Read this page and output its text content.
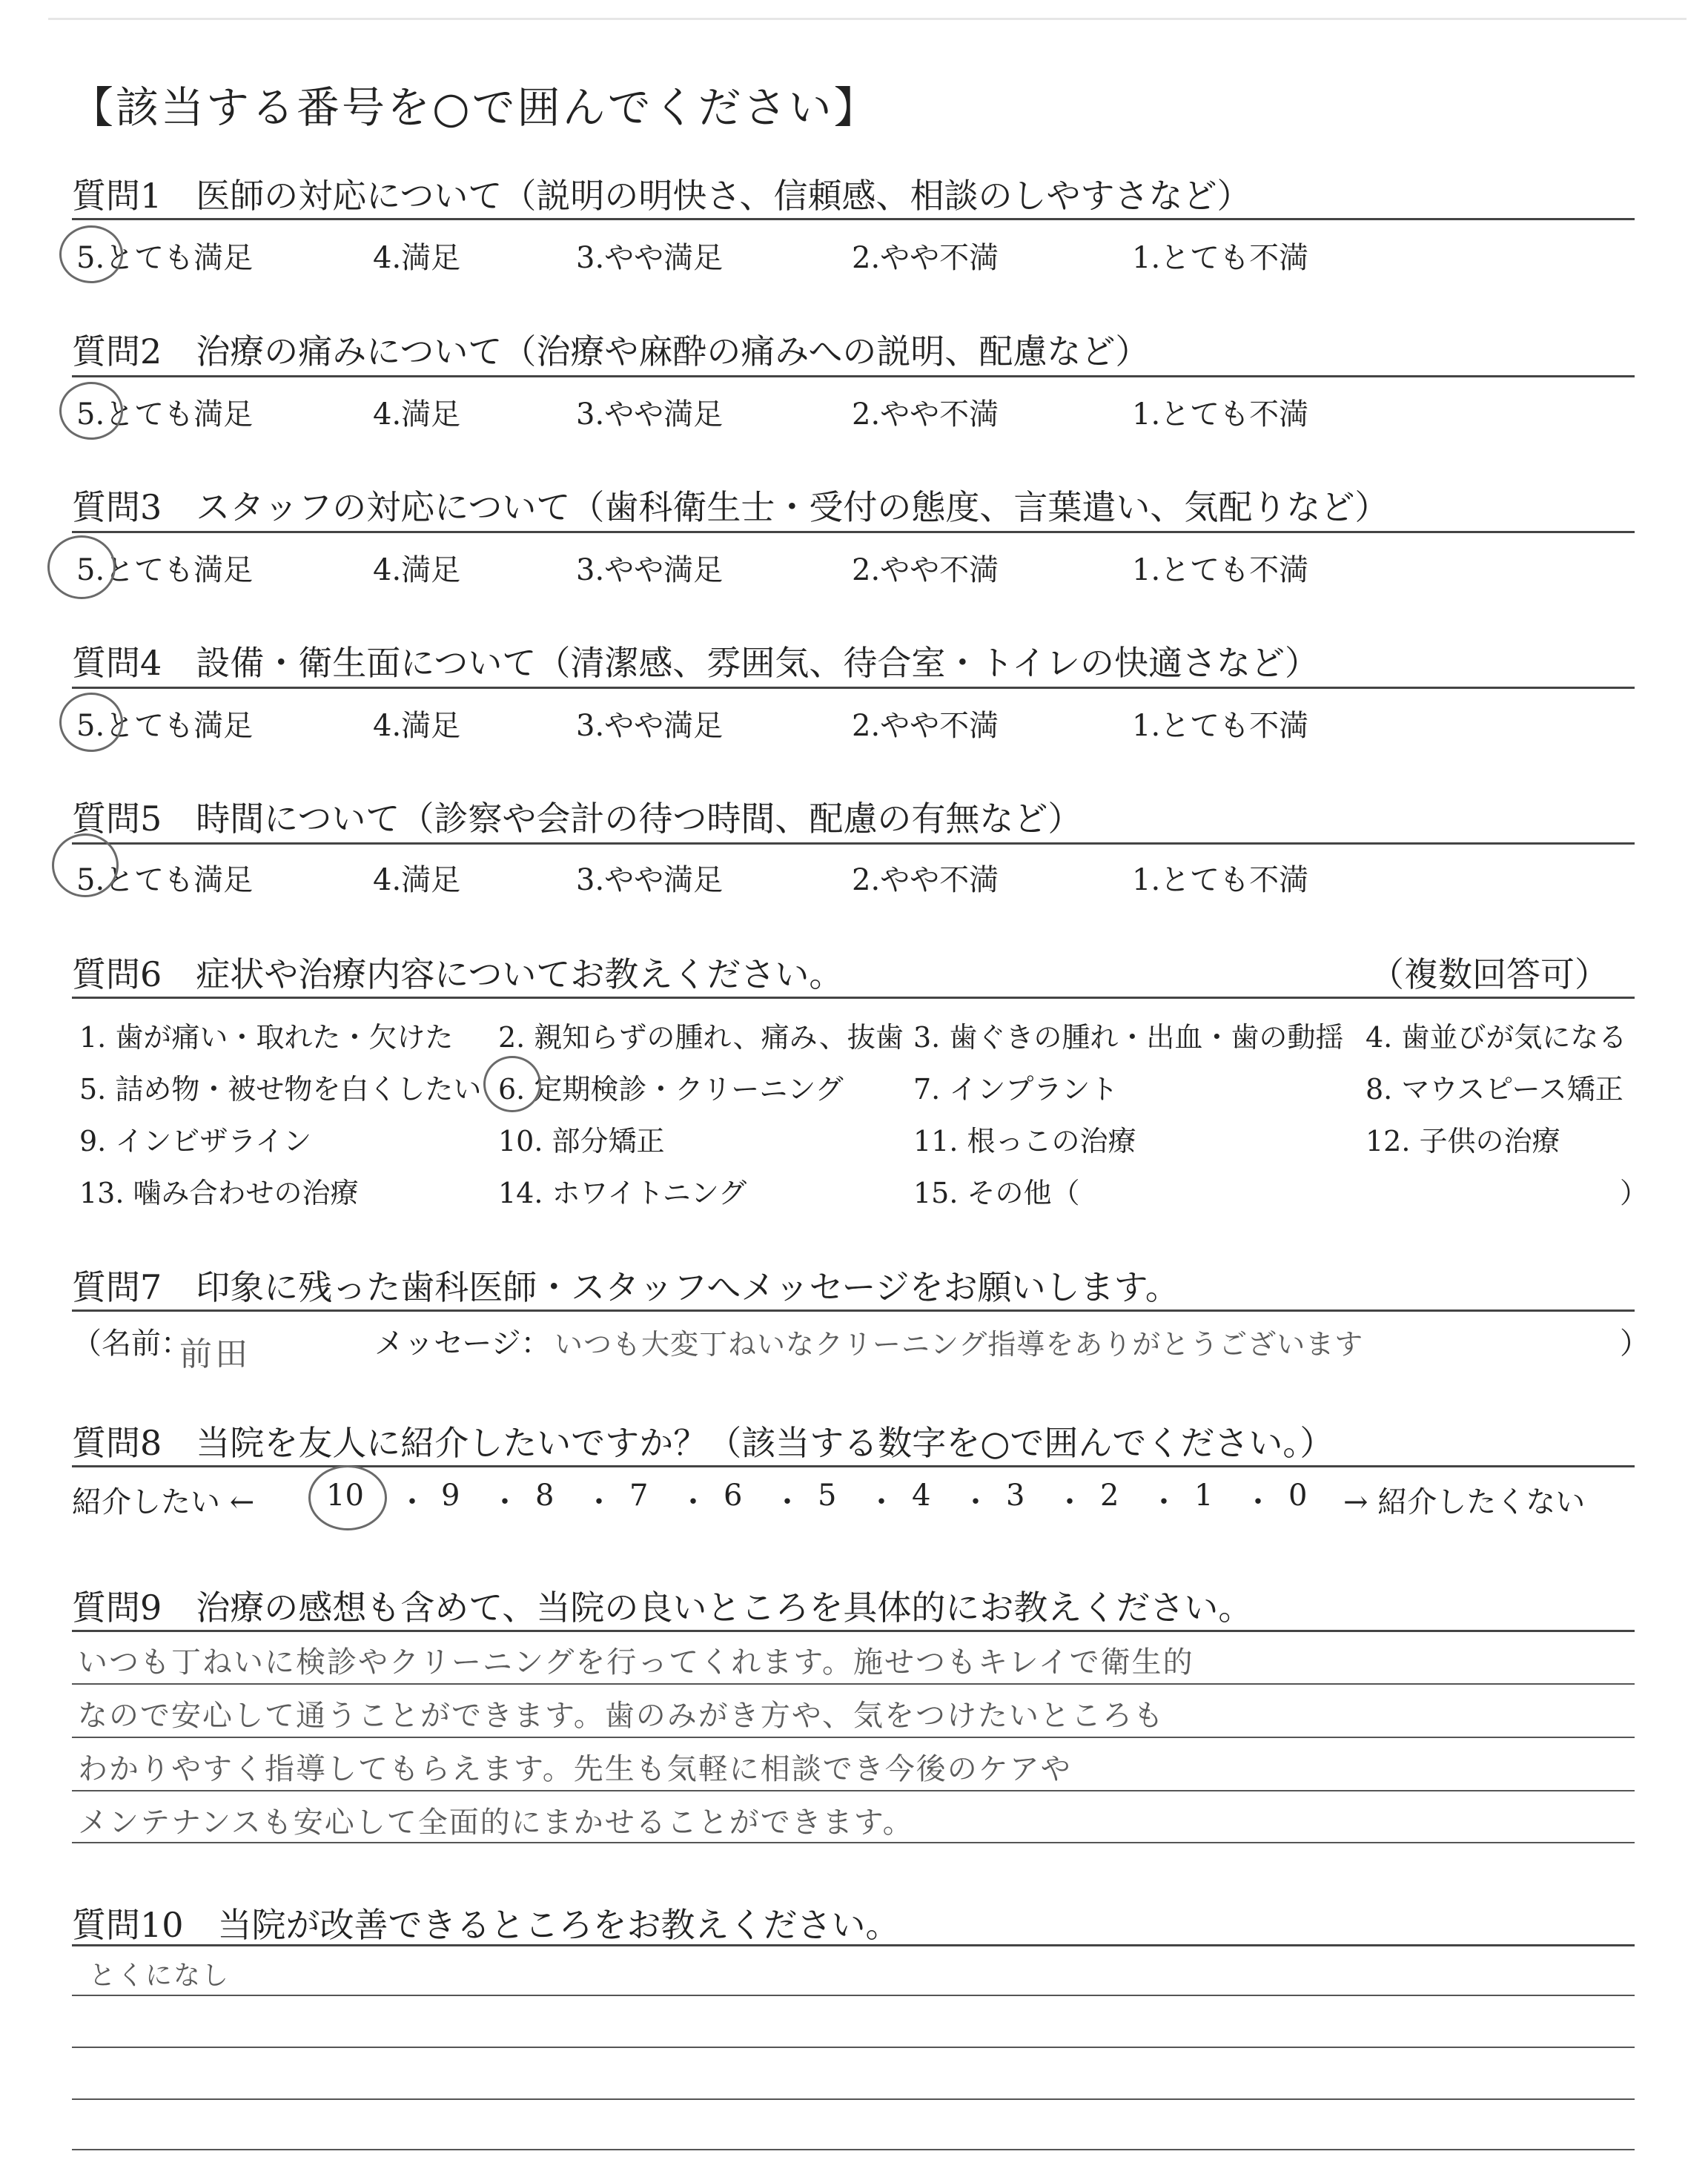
【該当する番号を○で囲んでください】
質問1　医師の対応について（説明の明快さ、信頼感、相談のしやすさなど）
5.とても満足	4.満足	3.やや満足	2.やや不満	1.とても不満
質問2　治療の痛みについて（治療や麻酔の痛みへの説明、配慮など）
5.とても満足	4.満足	3.やや満足	2.やや不満	1.とても不満
質問3　スタッフの対応について（歯科衛生士・受付の態度、言葉遣い、気配りなど）
5.とても満足	4.満足	3.やや満足	2.やや不満	1.とても不満
質問4　設備・衛生面について（清潔感、雰囲気、待合室・トイレの快適さなど）
5.とても満足	4.満足	3.やや満足	2.やや不満	1.とても不満
質問5　時間について（診察や会計の待つ時間、配慮の有無など）
5.とても満足	4.満足	3.やや満足	2.やや不満	1.とても不満
質問6　症状や治療内容についてお教えください。	（複数回答可）
1. 歯が痛い・取れた・欠けた 2. 親知らずの腫れ、痛み、抜歯 3. 歯ぐきの腫れ・出血・歯の動揺 4. 歯並びが気になる
5. 詰め物・被せ物を白くしたい 6. 定期検診・クリーニング 7. インプラント	8. マウスピース矯正
9. インビザライン	10. 部分矯正	11. 根っこの治療	12. 子供の治療
13. 噛み合わせの治療	14. ホワイトニング	15. その他（	）
質問7　印象に残った歯科医師・スタッフへメッセージをお願いします。
（名前：
前田	メッセージ： いつも大変丁ねいなクリーニング指導をありがとうございます	）
質問8　当院を友人に紹介したいですか？（該当する数字を○で囲んでください。）
紹介したい ← 10 ・ 9 ・ 8 ・ 7 ・ 6 ・ 5 ・ 4 ・ 3 ・ 2 ・ 1 ・ 0 → 紹介したくない
質問9　治療の感想も含めて、当院の良いところを具体的にお教えください。
いつも丁ねいに検診やクリーニングを行ってくれます。施せつもキレイで衛生的
なので安心して通うことができます。歯のみがき方や、気をつけたいところも
わかりやすく指導してもらえます。先生も気軽に相談でき今後のケアや
メンテナンスも安心して全面的にまかせることができます。
質問10　当院が改善できるところをお教えください。
とくになし
